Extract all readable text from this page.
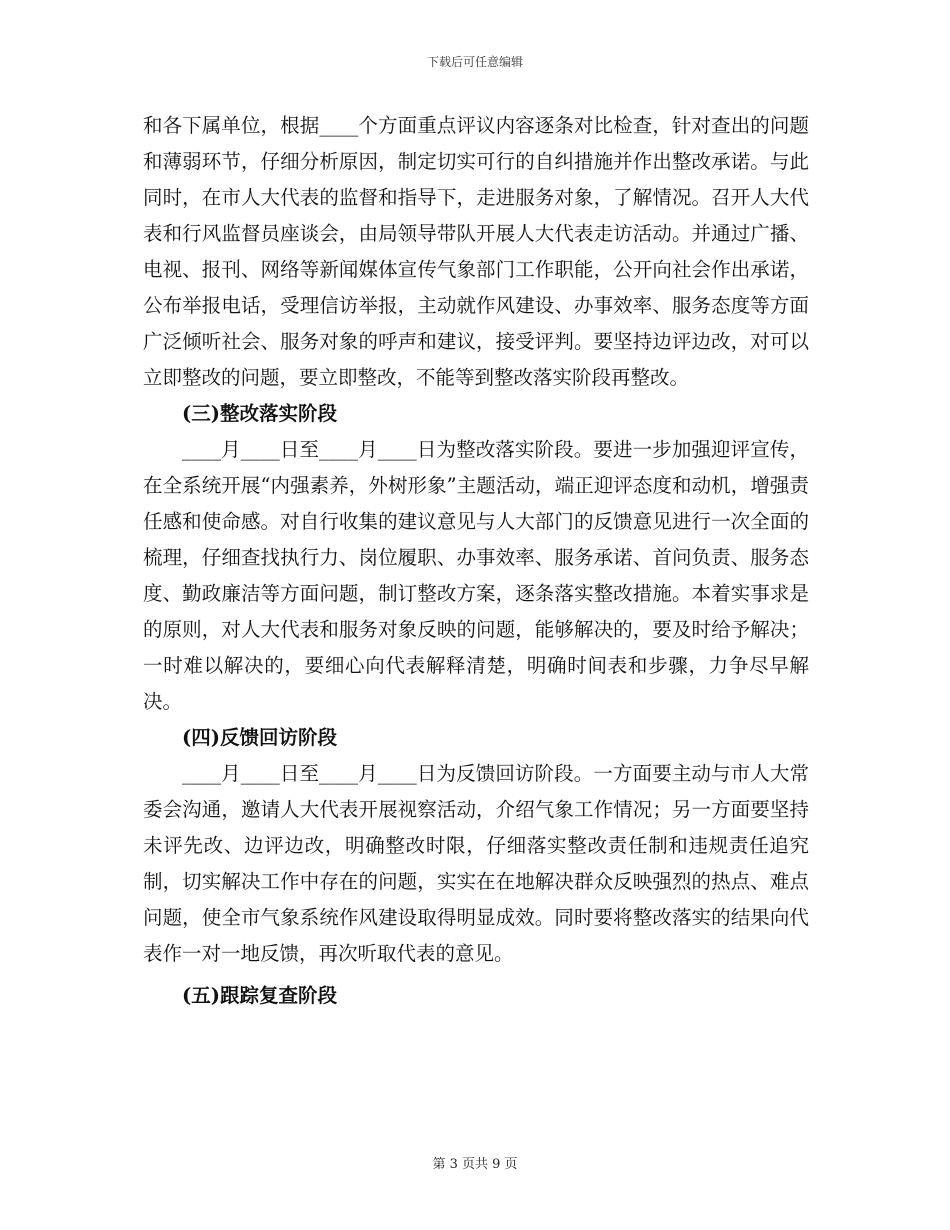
下载后可任意编辑

和各下属单位，根据____个方面重点评议内容逐条对比检查，针对查出的问题和薄弱环节，仔细分析原因，制定切实可行的自纠措施并作出整改承诺。与此同时，在市人大代表的监督和指导下，走进服务对象，了解情况。召开人大代表和行风监督员座谈会，由局领导带队开展人大代表走访活动。并通过广播、电视、报刊、网络等新闻媒体宣传气象部门工作职能，公开向社会作出承诺，公布举报电话，受理信访举报，主动就作风建设、办事效率、服务态度等方面广泛倾听社会、服务对象的呼声和建议，接受评判。要坚持边评边改，对可以立即整改的问题，要立即整改，不能等到整改落实阶段再整改。

(三)整改落实阶段

____月____日至____月____日为整改落实阶段。要进一步加强迎评宣传，在全系统开展“内强素养，外树形象”主题活动，端正迎评态度和动机，增强责任感和使命感。对自行收集的建议意见与人大部门的反馈意见进行一次全面的梳理，仔细查找执行力、岗位履职、办事效率、服务承诺、首问负责、服务态度、勤政廉洁等方面问题，制订整改方案，逐条落实整改措施。本着实事求是的原则，对人大代表和服务对象反映的问题，能够解决的，要及时给予解决；一时难以解决的，要细心向代表解释清楚，明确时间表和步骤，力争尽早解决。

(四)反馈回访阶段

____月____日至____月____日为反馈回访阶段。一方面要主动与市人大常委会沟通，邀请人大代表开展视察活动，介绍气象工作情况；另一方面要坚持未评先改、边评边改，明确整改时限，仔细落实整改责任制和违规责任追究制，切实解决工作中存在的问题，实实在在地解决群众反映强烈的热点、难点问题，使全市气象系统作风建设取得明显成效。同时要将整改落实的结果向代表作一对一地反馈，再次听取代表的意见。

(五)跟踪复查阶段

第 3 页共 9 页
